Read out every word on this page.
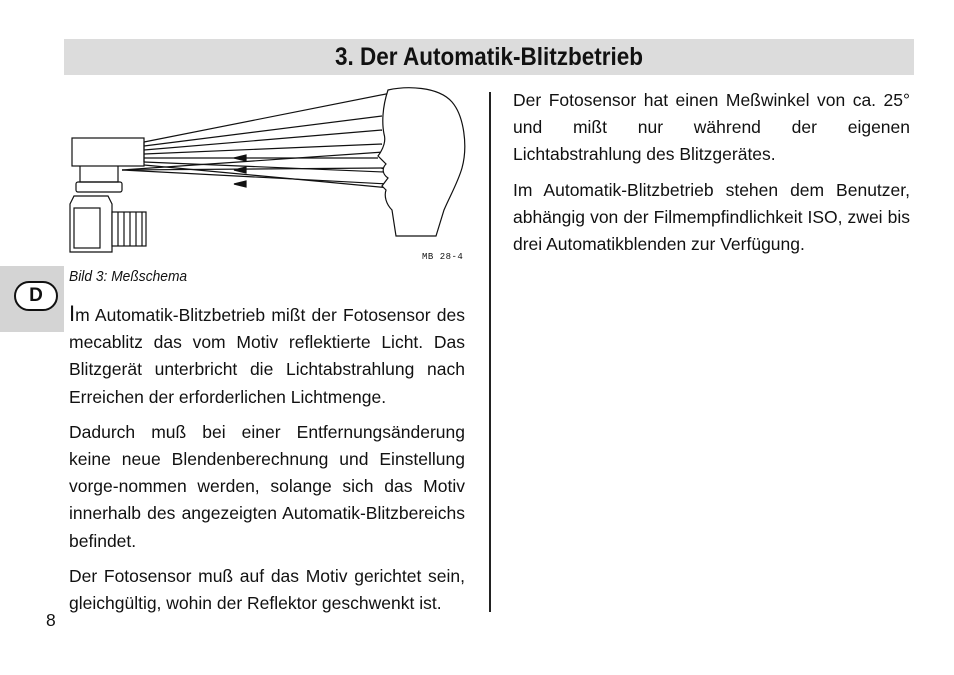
3. Der Automatik-Blitzbetrieb
D
MB 28-4
Bild 3: Meßschema

Im Automatik-Blitzbetrieb mißt der Fotosensor des mecablitz das vom Motiv reflektierte Licht. Das Blitzgerät unterbricht die Lichtabstrahlung nach Erreichen der erforderlichen Lichtmenge.

Dadurch muß bei einer Entfernungsänderung keine neue Blendenberechnung und Einstellung vorge-nommen werden, solange sich das Motiv innerhalb des angezeigten Automatik-Blitzbereichs befindet.

Der Fotosensor muß auf das Motiv gerichtet sein, gleichgültig, wohin der Reflektor geschwenkt ist.

Der Fotosensor hat einen Meßwinkel von ca. 25° und mißt nur während der eigenen Lichtabstrahlung des Blitzgerätes.

Im Automatik-Blitzbetrieb stehen dem Benutzer, abhängig von der Filmempfindlichkeit ISO, zwei bis drei Automatikblenden zur Verfügung.

8
